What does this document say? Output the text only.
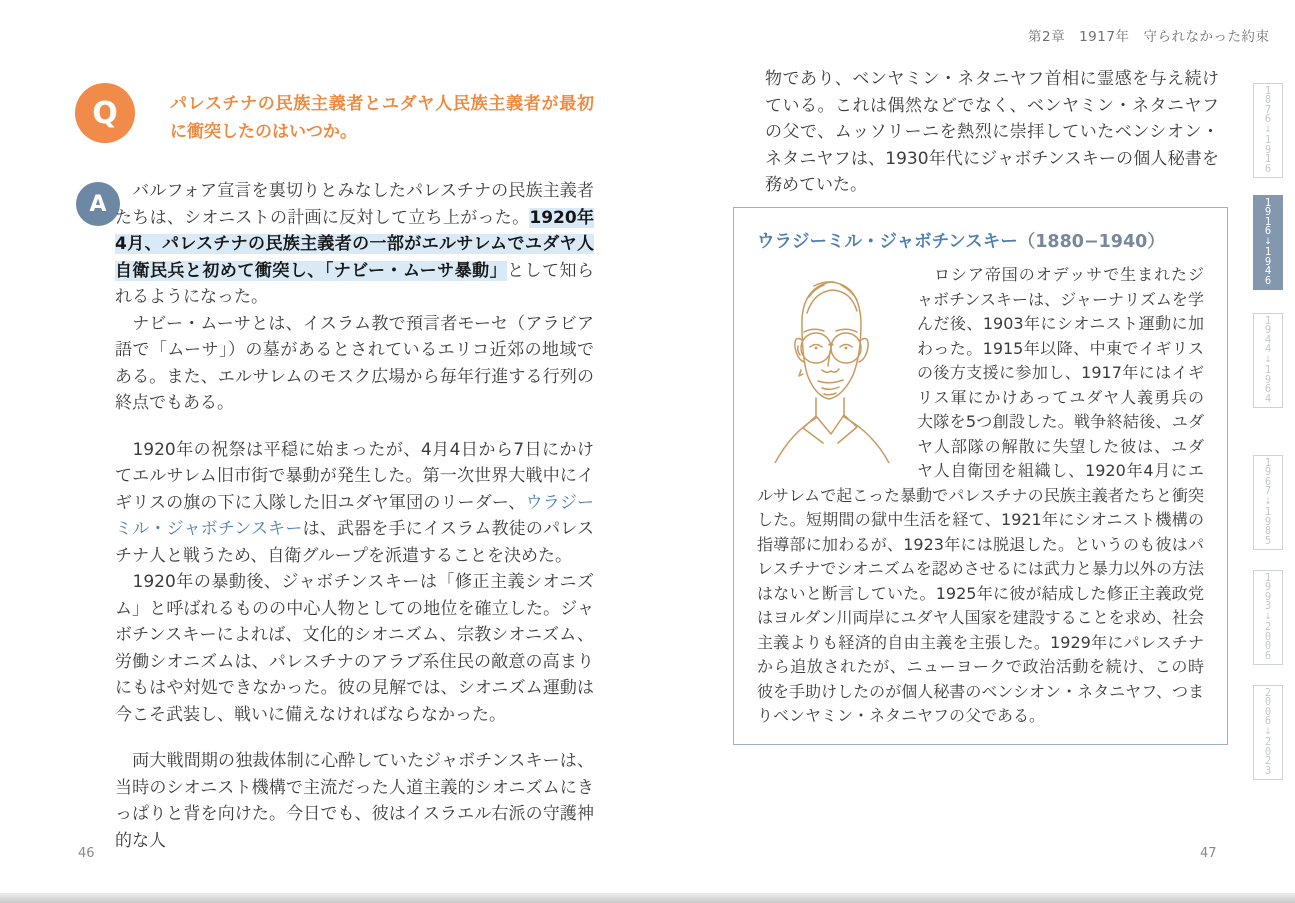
第2章　1917年　守られなかった約束
Q	パレスチナの民族主義者とユダヤ人民族主義者が最初に衝突したのはいつか。
A

　バルフォア宣言を裏切りとみなしたパレスチナの民族主義者たちは、シオニストの計画に反対して立ち上がった。1920年4月、パレスチナの民族主義者の一部がエルサレムでユダヤ人自衛民兵と初めて衝突し、「ナビー・ムーサ暴動」として知られるようになった。

　ナビー・ムーサとは、イスラム教で預言者モーセ（アラビア語で「ムーサ」）の墓があるとされているエリコ近郊の地域である。また、エルサレムのモスク広場から毎年行進する行列の終点でもある。

　1920年の祝祭は平穏に始まったが、4月4日から7日にかけてエルサレム旧市街で暴動が発生した。第一次世界大戦中にイギリスの旗の下に入隊した旧ユダヤ軍団のリーダー、ウラジーミル・ジャボチンスキーは、武器を手にイスラム教徒のパレスチナ人と戦うため、自衛グループを派遣することを決めた。

　1920年の暴動後、ジャボチンスキーは「修正主義シオニズム」と呼ばれるものの中心人物としての地位を確立した。ジャボチンスキーによれば、文化的シオニズム、宗教シオニズム、労働シオニズムは、パレスチナのアラブ系住民の敵意の高まりにもはや対処できなかった。彼の見解では、シオニズム運動は今こそ武装し、戦いに備えなければならなかった。

　両大戦間期の独裁体制に心酔していたジャボチンスキーは、当時のシオニスト機構で主流だった人道主義的シオニズムにきっぱりと背を向けた。今日でも、彼はイスラエル右派の守護神的な人

46
物であり、ベンヤミン・ネタニヤフ首相に霊感を与え続けている。これは偶然などでなく、ベンヤミン・ネタニヤフの父で、ムッソリーニを熱烈に崇拝していたベンシオン・ネタニヤフは、1930年代にジャボチンスキーの個人秘書を務めていた。
ウラジーミル・ジャボチンスキー（1880−1940）
　ロシア帝国のオデッサで生まれたジャボチンスキーは、ジャーナリズムを学んだ後、1903年にシオニスト運動に加わった。1915年以降、中東でイギリスの後方支援に参加し、1917年にはイギリス軍にかけあってユダヤ人義勇兵の大隊を5つ創設した。戦争終結後、ユダヤ人部隊の解散に失望した彼は、ユダヤ人自衛団を組織し、1920年4月にエルサレムで起こった暴動でパレスチナの民族主義者たちと衝突した。短期間の獄中生活を経て、1921年にシオニスト機構の指導部に加わるが、1923年には脱退した。というのも彼はパレスチナでシオニズムを認めさせるには武力と暴力以外の方法はないと断言していた。1925年に彼が結成した修正主義政党はヨルダン川両岸にユダヤ人国家を建設することを求め、社会主義よりも経済的自由主義を主張した。1929年にパレスチナから追放されたが、ニューヨークで政治活動を続け、この時彼を手助けしたのが個人秘書のベンシオン・ネタニヤフ、つまりベンヤミン・ネタニヤフの父である。
47
1876
↓
1916
1916
↓
1946
1944
↓
1964
1967
↓
1985
1993
↓
2006
2006
↓
2023
